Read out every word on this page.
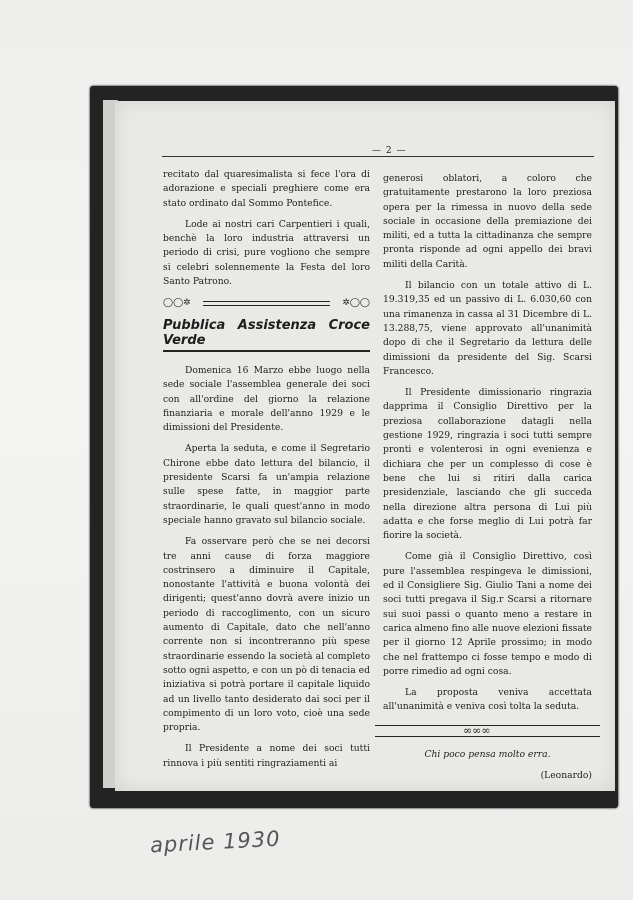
— 2 —

recitato dal quaresimalista si fece l'ora di adorazione e speciali preghiere come era stato ordinato dal Sommo Pontefice.

Lode ai nostri cari Carpentieri i quali, benchè la loro industria attraversi un periodo di crisi, pure vogliono che sempre si celebri solennemente la Festa del loro Santo Patrono.

◯◯✲	✲◯◯
Pubblica Assistenza Croce Verde

Domenica 16 Marzo ebbe luogo nella sede sociale l'assemblea generale dei soci con all'ordine del giorno la relazione finanziaria e morale dell'anno 1929 e le dimissioni del Presidente.

Aperta la seduta, e come il Segretario Chirone ebbe dato lettura del bilancio, il presidente Scarsi fa un'ampia relazione sulle spese fatte, in maggior parte straordinarie, le quali quest'anno in modo speciale hanno gravato sul bilancio sociale.

Fa osservare però che se nei decorsi tre anni cause di forza maggiore costrinsero a diminuire il Capitale, nonostante l'attività e buona volontà dei dirigenti; quest'anno dovrà avere inizio un periodo di raccoglimento, con un sicuro aumento di Capitale, dato che nell'anno corrente non si incontreranno più spese straordinarie essendo la società al completo sotto ogni aspetto, e con un pò di tenacia ed iniziativa si potrà portare il capitale liquido ad un livello tanto desiderato dai soci per il compimento di un loro voto, cioè una sede propria.

Il Presidente a nome dei soci tutti rinnova i più sentiti ringraziamenti ai

generosi oblatori, a coloro che gratuitamente prestarono la loro preziosa opera per la rimessa in nuovo della sede sociale in occasione della premiazione dei militi, ed a tutta la cittadinanza che sempre pronta risponde ad ogni appello dei bravi militi della Carità.

Il bilancio con un totale attivo di L. 19.319,35 ed un passivo di L. 6.030,60 con una rimanenza in cassa al 31 Dicembre di L. 13.288,75, viene approvato all'unanimità dopo di che il Segretario da lettura delle dimissioni da presidente del Sig. Scarsi Francesco.

Il Presidente dimissionario ringrazia dapprima il Consiglio Direttivo per la preziosa collaborazione datagli nella gestione 1929, ringrazia i soci tutti sempre pronti e volenterosi in ogni evenienza e dichiara che per un complesso di cose è bene che lui si ritiri dalla carica presidenziale, lasciando che gli succeda nella direzione altra persona di Lui più adatta e che forse meglio di Lui potrà far fiorire la società.

Come già il Consiglio Direttivo, così pure l'assemblea respingeva le dimissioni, ed il Consigliere Sig. Giulio Tani a nome dei soci tutti pregava il Sig.r Scarsi a ritornare sui suoi passi o quanto meno a restare in carica almeno fino alle nuove elezioni fissate per il giorno 12 Aprile prossimo; in modo che nel frattempo ci fosse tempo e modo di porre rimedio ad ogni cosa.

La proposta veniva accettata all'unanimità e veniva così tolta la seduta.

∞∞∞

Chi poco pensa molto erra.

(Leonardo)

aprile 1930
